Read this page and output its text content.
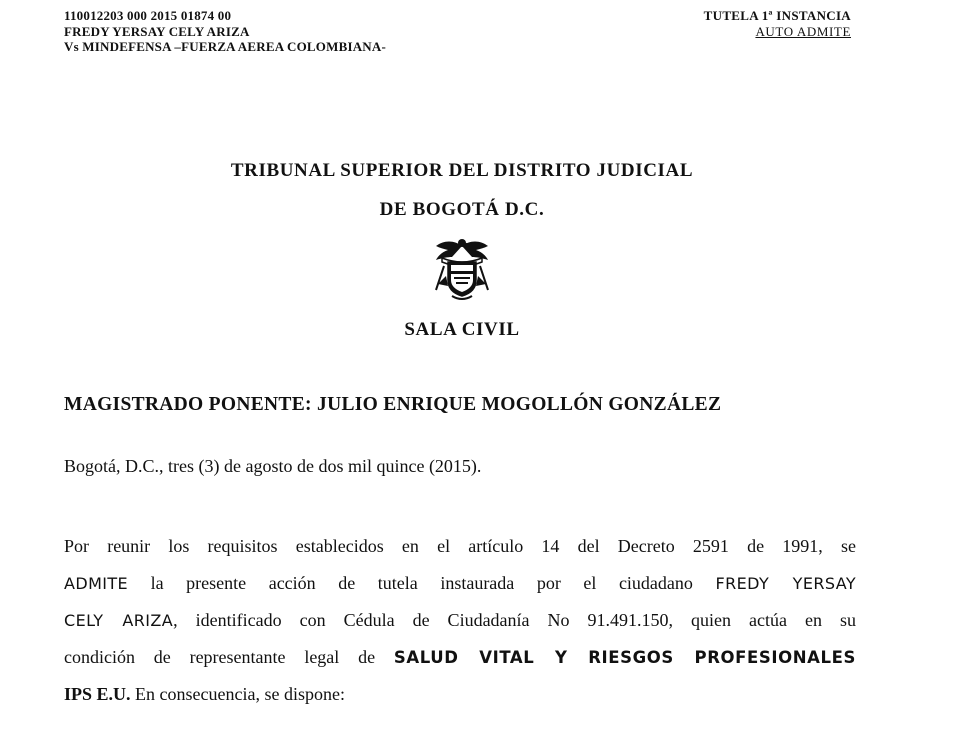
110012203 000 2015 01874 00
FREDY YERSAY CELY ARIZA
Vs MINDEFENSA –FUERZA AEREA COLOMBIANA-
TUTELA 1ª INSTANCIA
AUTO ADMITE
TRIBUNAL SUPERIOR DEL DISTRITO JUDICIAL
DE BOGOTÁ D.C.
SALA CIVIL
MAGISTRADO PONENTE: JULIO ENRIQUE MOGOLLÓN GONZÁLEZ
Bogotá, D.C., tres (3) de agosto de dos mil quince (2015).
Por reunir los requisitos establecidos en el artículo 14 del Decreto 2591 de 1991, se
ADMITE la presente acción de tutela instaurada por el ciudadano FREDY YERSAY
CELY ARIZA, identificado con Cédula de Ciudadanía No 91.491.150, quien actúa en su
condición de representante legal de SALUD VITAL Y RIESGOS PROFESIONALES
IPS E.U. En consecuencia, se dispone:
